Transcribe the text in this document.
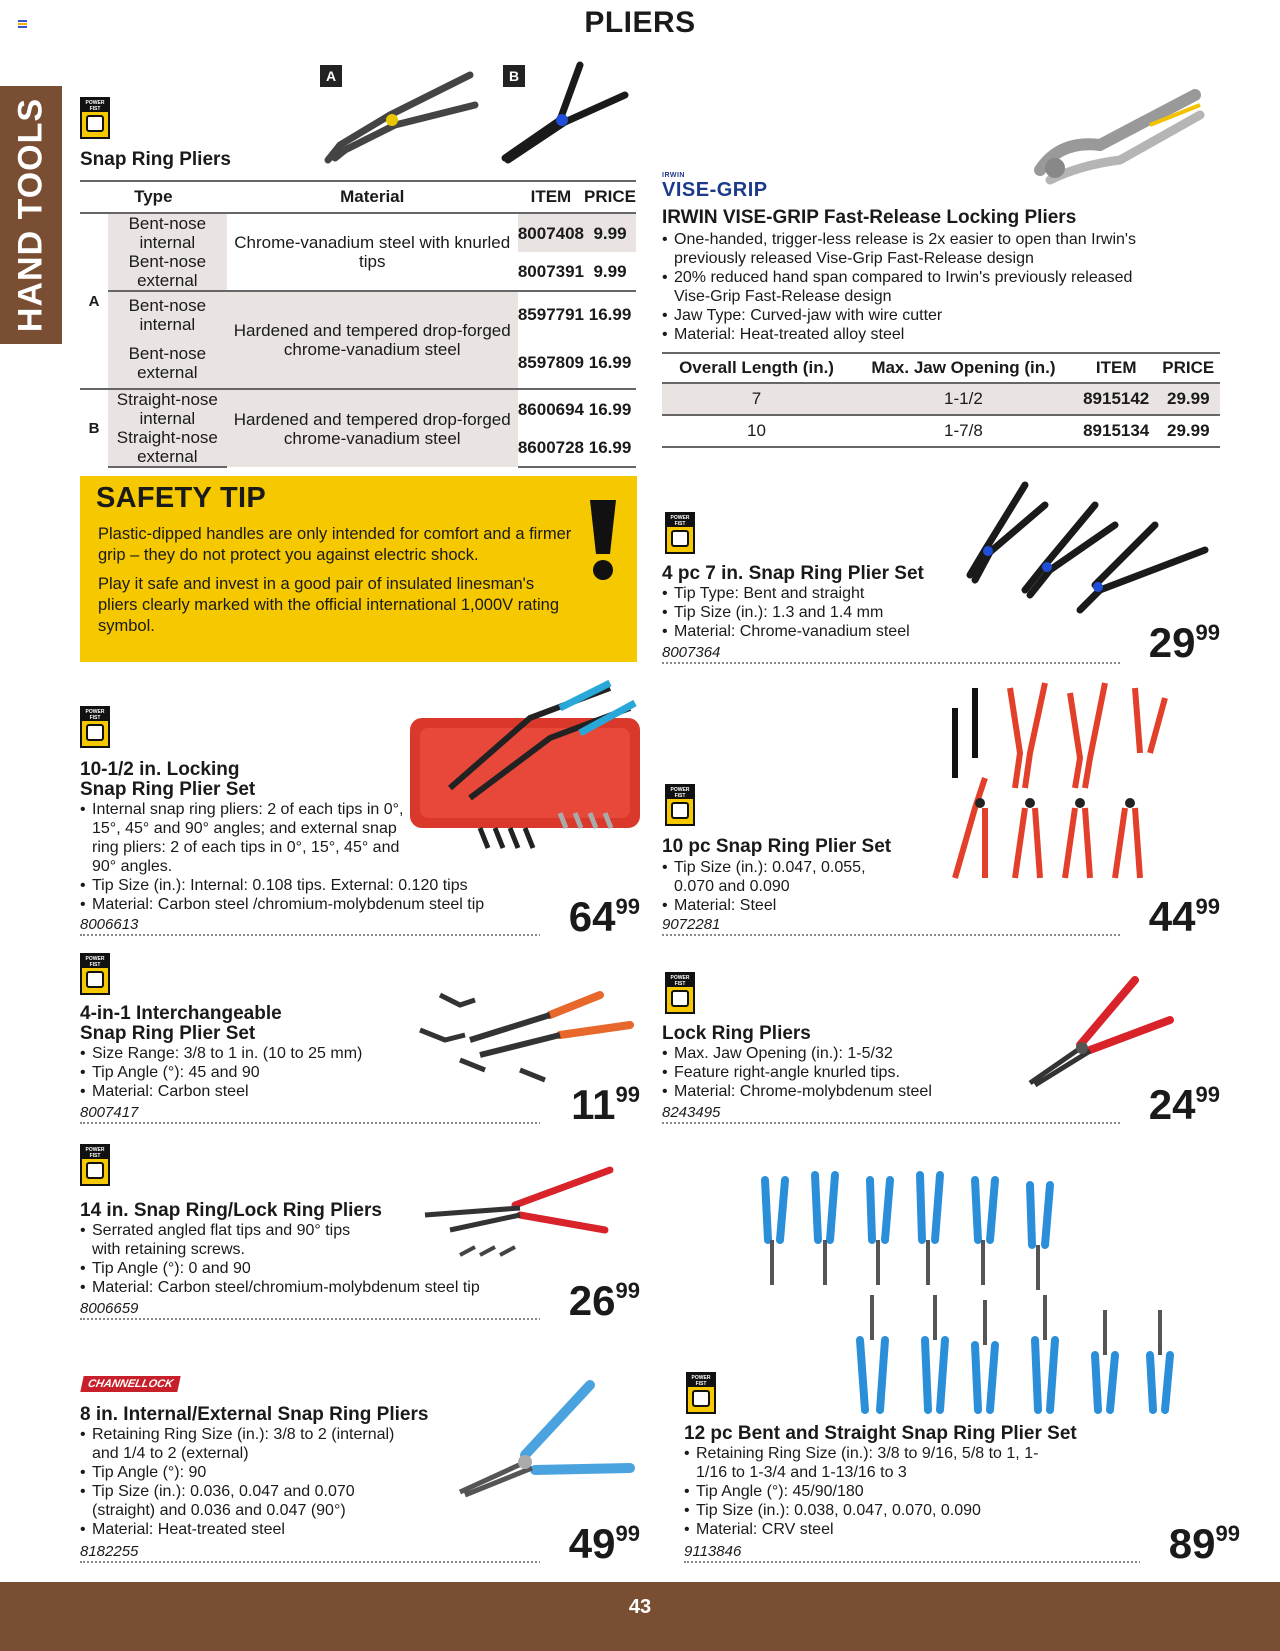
PLIERS
HAND TOOLS	POWER FIST
Snap Ring Pliers
A	B
Type		Material	ITEM	PRICE
A	Bent-nose internal	Chrome-vanadium steel with knurled tips	8007408	9.99
	Bent-nose external		8007391	9.99
	Bent-nose internal	Hardened and tempered drop-forged chrome-vanadium steel	8597791	16.99
	Bent-nose external		8597809	16.99
B	Straight-nose internal	Hardened and tempered drop-forged chrome-vanadium steel	8600694	16.99
	Straight-nose external		8600728	16.99
IRWIN
VISE-GRIP
IRWIN VISE-GRIP Fast-Release Locking Pliers
• One-handed, trigger-less release is 2x easier to open than Irwin's previously released Vise-Grip Fast-Release design
• 20% reduced hand span compared to Irwin's previously released Vise-Grip Fast-Release design
• Jaw Type: Curved-jaw with wire cutter
• Material: Heat-treated alloy steel
Overall Length (in.)	Max. Jaw Opening (in.)	ITEM	PRICE
7	1-1/2	8915142	29.99
10	1-7/8	8915134	29.99
SAFETY TIP

Plastic-dipped handles are only intended for comfort and a firmer grip – they do not protect you against electric shock.

Play it safe and invest in a good pair of insulated linesman's pliers clearly marked with the official international 1,000V rating symbol.

POWER FIST
4 pc 7 in. Snap Ring Plier Set
• Tip Type: Bent and straight
• Tip Size (in.): 1.3 and 1.4 mm
• Material: Chrome-vanadium steel
8007364	$29^{99}$
POWER FIST
10-1/2 in. Locking
Snap Ring Plier Set
• Internal snap ring pliers: 2 of each tips in 0°, 15°, 45° and 90° angles; and external snap ring pliers: 2 of each tips in 0°, 15°, 45° and 90° angles.
• Tip Size (in.): Internal: 0.108 tips. External: 0.120 tips
• Material: Carbon steel /chromium-molybdenum steel tip
8006613	$64^{99}$
POWER FIST
10 pc Snap Ring Plier Set
• Tip Size (in.): 0.047, 0.055, 0.070 and 0.090
• Material: Steel
9072281	$44^{99}$
POWER FIST
4-in-1 Interchangeable
Snap Ring Plier Set
• Size Range: 3/8 to 1 in. (10 to 25 mm)
• Tip Angle (°): 45 and 90
• Material: Carbon steel
8007417	$11^{99}$
POWER FIST
Lock Ring Pliers
• Max. Jaw Opening (in.): 1-5/32
• Feature right-angle knurled tips.
• Material: Chrome-molybdenum steel
8243495	$24^{99}$
POWER FIST
14 in. Snap Ring/Lock Ring Pliers
• Serrated angled flat tips and 90° tips with retaining screws.
• Tip Angle (°): 0 and 90
• Material: Carbon steel/chromium-molybdenum steel tip
8006659	$26^{99}$
CHANNELLOCK
8 in. Internal/External Snap Ring Pliers
• Retaining Ring Size (in.): 3/8 to 2 (internal) and 1/4 to 2 (external)
• Tip Angle (°): 90
• Tip Size (in.): 0.036, 0.047 and 0.070 (straight) and 0.036 and 0.047 (90°)
• Material: Heat-treated steel
8182255	$49^{99}$
POWER FIST
12 pc Bent and Straight Snap Ring Plier Set
• Retaining Ring Size (in.): 3/8 to 9/16, 5/8 to 1, 1-1/16 to 1-3/4 and 1-13/16 to 3
• Tip Angle (°): 45/90/180
• Tip Size (in.): 0.038, 0.047, 0.070, 0.090
• Material: CRV steel
9113846	$89^{99}$
43
